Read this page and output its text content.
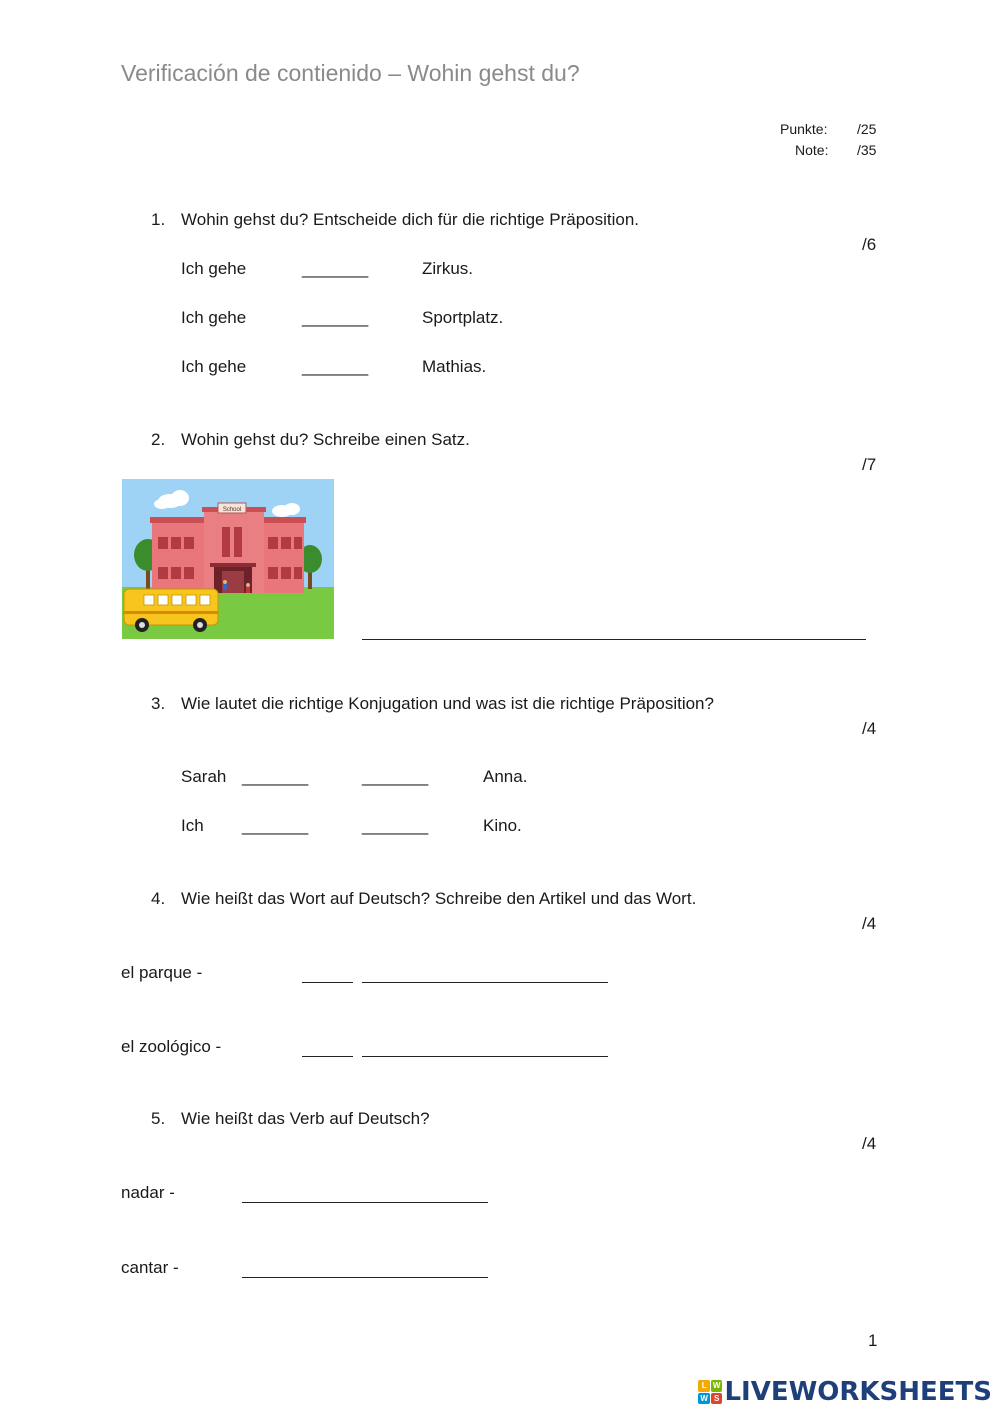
Verificación de contienido – Wohin gehst du?
Punkte: /25
Note: /35
1. Wohin gehst du? Entscheide dich für die richtige Präposition.
/6
Ich gehe	_______	Zirkus.
Ich gehe	_______	Sportplatz.
Ich gehe	_______	Mathias.
2. Wohin gehst du? Schreibe einen Satz.
/7
School
3. Wie lautet die richtige Konjugation und was ist die richtige Präposition?
/4
Sarah _______	_______	Anna.
Ich _______	_______	Kino.
4. Wie heißt das Wort auf Deutsch? Schreibe den Artikel und das Wort.
/4
el parque -
el zoológico -
5. Wie heißt das Verb auf Deutsch?
/4
nadar -
cantar -
1
L W
W S LIVEWORKSHEETS
